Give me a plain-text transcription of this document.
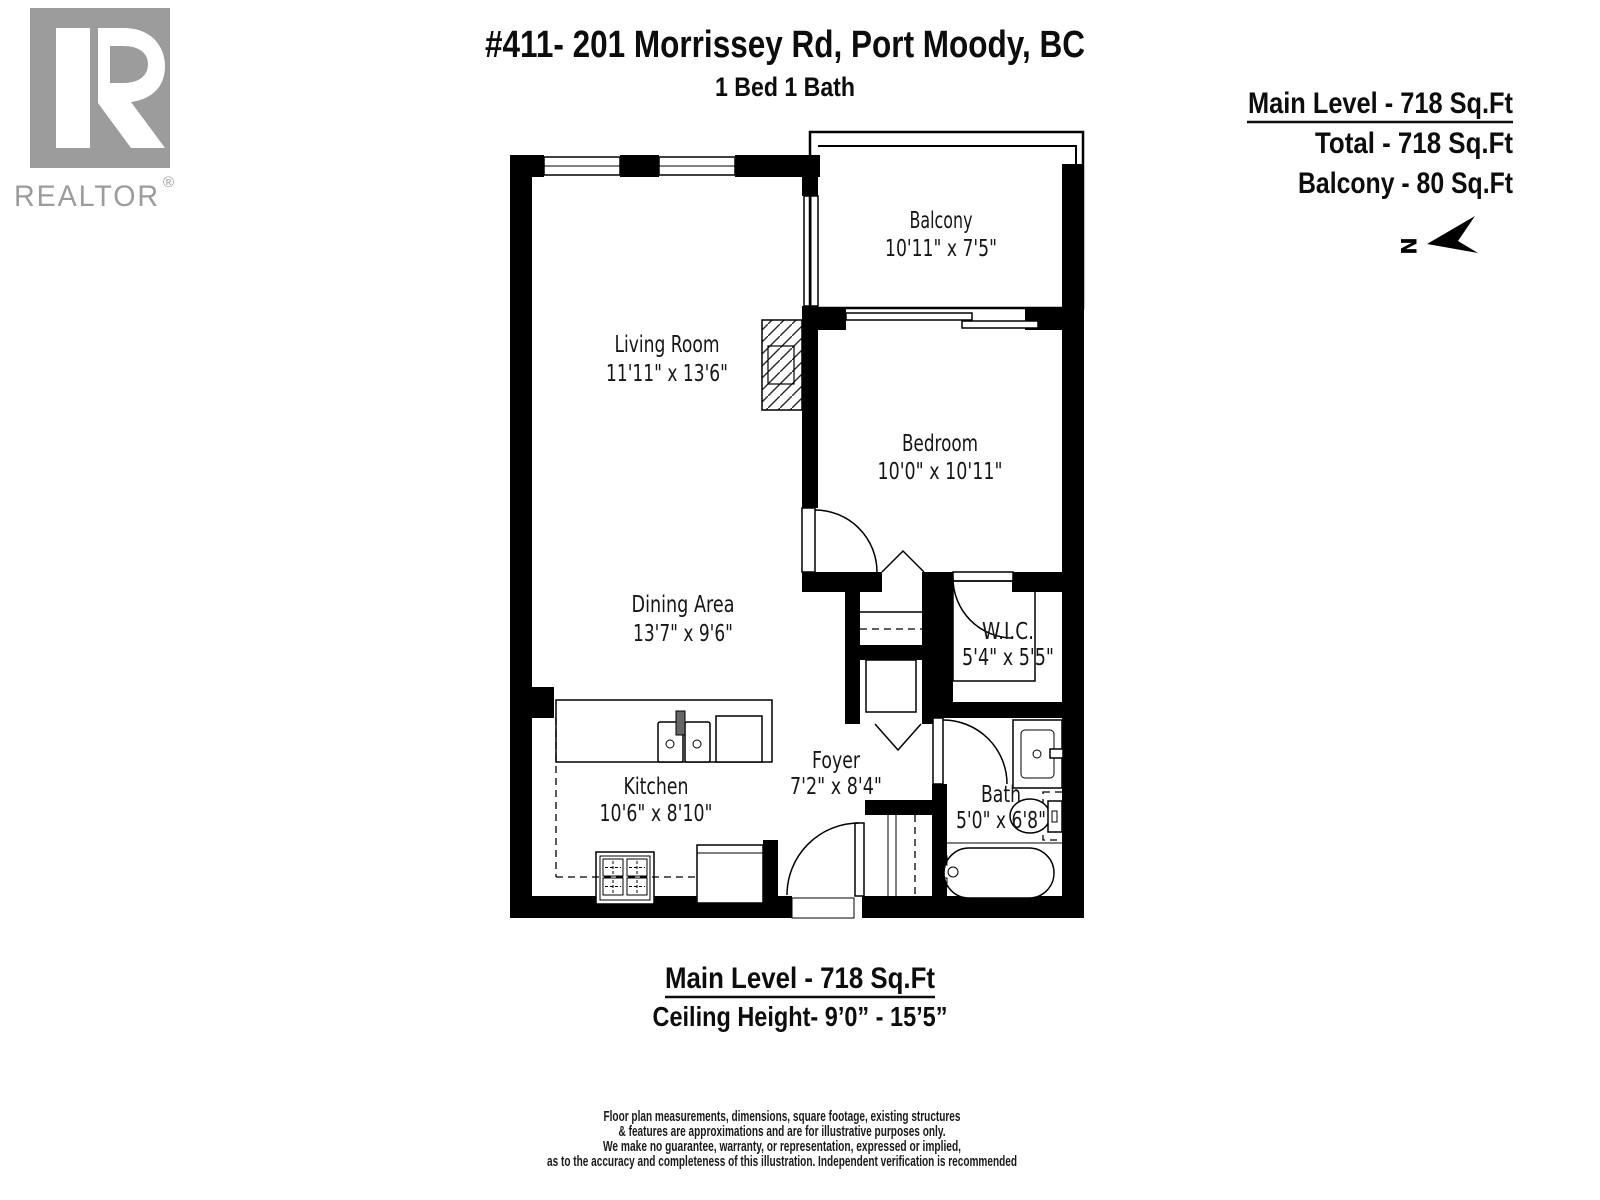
REALTOR ®
#411- 201 Morrissey Rd, Port Moody, BC
1 Bed 1 Bath	Main Level - 718 Sq.Ft
Total - 718 Sq.Ft
Balcony - 80 Sq.Ft
N
Balcony
10'11" x 7'5"
Living Room
11'11" x 13'6"
Bedroom
10'0" x 10'11"
Dining Area
13'7" x 9'6"	W.I.C.
5'4" x 5'5"
Kitchen
10'6" x 8'10"
Foyer
7'2" x 8'4"	Bath
5'0" x 6'8"
Main Level - 718 Sq.Ft
Ceiling Height- 9’0” - 15’5”
Floor plan measurements, dimensions, square footage, existing structures
& features are approximations and are for illustrative purposes only.
We make no guarantee, warranty, or representation, expressed or implied,
as to the accuracy and completeness of this illustration. Independent verification is recommended
